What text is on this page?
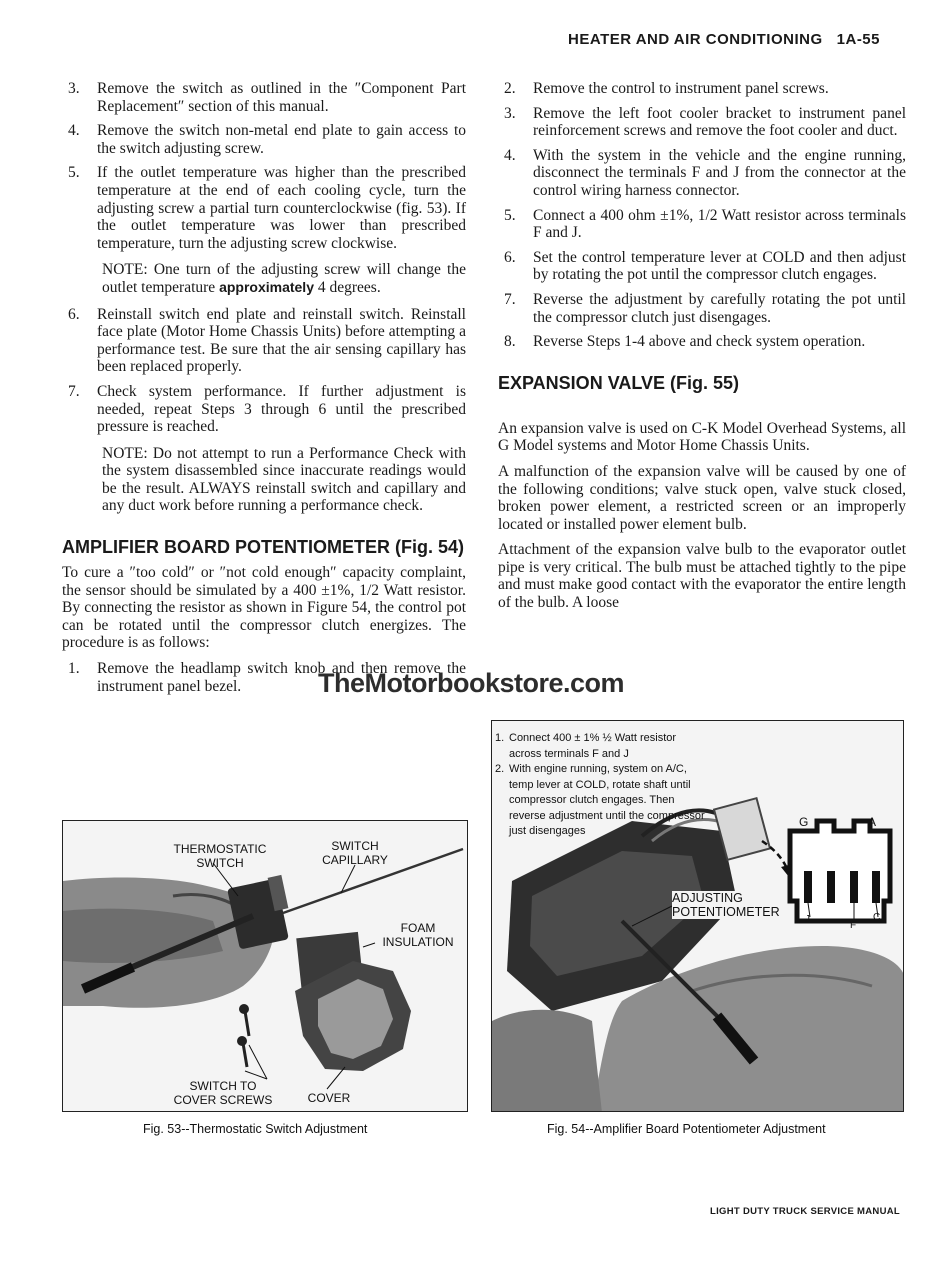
HEATER AND AIR CONDITIONING 1A-55
3.	Remove the switch as outlined in the ″Component Part Replacement″ section of this manual.
4.	Remove the switch non-metal end plate to gain access to the switch adjusting screw.
5.	If the outlet temperature was higher than the prescribed temperature at the end of each cooling cycle, turn the adjusting screw a partial turn counterclockwise (fig. 53). If the outlet temperature was lower than prescribed temperature, turn the adjusting screw clockwise.
NOTE: One turn of the adjusting screw will change the outlet temperature approximately 4 degrees.
6.	Reinstall switch end plate and reinstall switch. Reinstall face plate (Motor Home Chassis Units) before attempting a performance test. Be sure that the air sensing capillary has been replaced properly.
7.	Check system performance. If further adjustment is needed, repeat Steps 3 through 6 until the prescribed pressure is reached.
NOTE: Do not attempt to run a Performance Check with the system disassembled since inaccurate readings would be the result. ALWAYS reinstall switch and capillary and any duct work before running a performance check.
AMPLIFIER BOARD POTENTIOMETER (Fig. 54)
To cure a ″too cold″ or ″not cold enough″ capacity complaint, the sensor should be simulated by a 400 ±1%, 1/2 Watt resistor. By connecting the resistor as shown in Figure 54, the control pot can be rotated until the compressor clutch energizes. The procedure is as follows:
1.	Remove the headlamp switch knob and then remove the instrument panel bezel.
2.	Remove the control to instrument panel screws.
3.	Remove the left foot cooler bracket to instrument panel reinforcement screws and remove the foot cooler and duct.
4.	With the system in the vehicle and the engine running, disconnect the terminals F and J from the connector at the control wiring harness connector.
5.	Connect a 400 ohm ±1%, 1/2 Watt resistor across terminals F and J.
6.	Set the control temperature lever at COLD and then adjust by rotating the pot until the compressor clutch engages.
7.	Reverse the adjustment by carefully rotating the pot until the compressor clutch just disengages.
8.	Reverse Steps 1-4 above and check system operation.
EXPANSION VALVE (Fig. 55)
An expansion valve is used on C-K Model Overhead Systems, all G Model systems and Motor Home Chassis Units.
A malfunction of the expansion valve will be caused by one of the following conditions; valve stuck open, valve stuck closed, broken power element, a restricted screen or an improperly located or installed power element bulb.
Attachment of the expansion valve bulb to the evaporator outlet pipe is very critical. The bulb must be attached tightly to the pipe and must make good contact with the evaporator the entire length of the bulb. A loose
THERMOSTATIC SWITCH
SWITCH CAPILLARY
FOAM INSULATION
SWITCH TO COVER SCREWS	COVER
Fig. 53--Thermostatic Switch Adjustment
1. Connect 400 ± 1% ½ Watt resistor across terminals F and J
2. With engine running, system on A/C, temp lever at COLD, rotate shaft until compressor clutch engages. Then reverse adjustment until the compressor just disengages
ADJUSTING POTENTIOMETER
G	A
J
F
C
Fig. 54--Amplifier Board Potentiometer Adjustment
TheMotorbookstore.com
LIGHT DUTY TRUCK SERVICE MANUAL
